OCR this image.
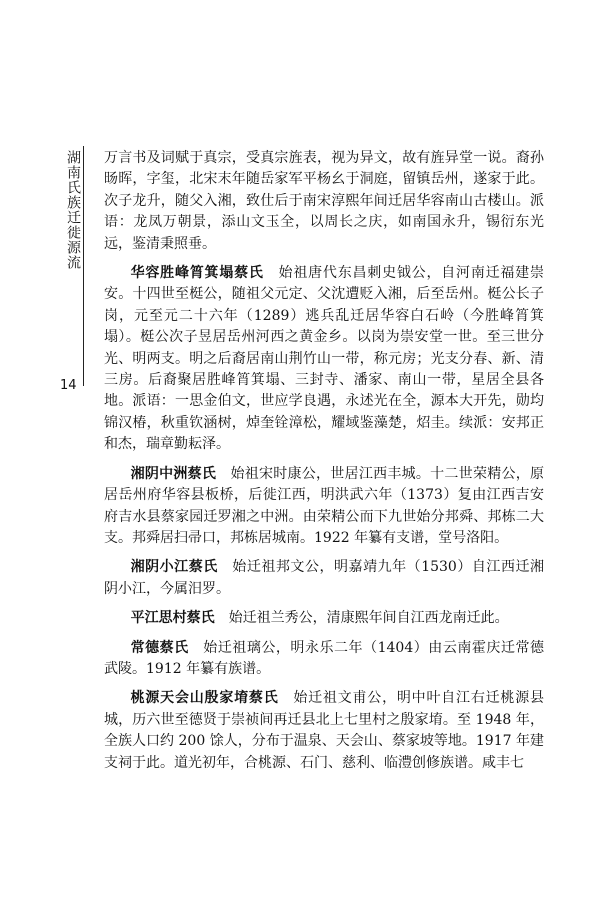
湖南氏族迁徙源流
14

万言书及词赋于真宗，受真宗旌表，视为异文，故有旌异堂一说。裔孙旸晖，字玺，北宋末年随岳家军平杨幺于洞庭，留镇岳州，遂家于此。次子龙升，随父入湘，致仕后于南宋淳熙年间迁居华容南山古楼山。派语：龙凤万朝景，添山文玉全，以周长之庆，如南国永升，锡衍东光远，鉴清秉照垂。

华容胜峰筲箕塌蔡氏  始祖唐代东昌刺史钺公，自河南迁福建崇安。十四世至梃公，随祖父元定、父沈遭贬入湘，后至岳州。梃公长子岗，元至元二十六年（1289）逃兵乱迁居华容白石岭（今胜峰筲箕塌）。梃公次子昱居岳州河西之黄金乡。以岗为崇安堂一世。至三世分光、明两支。明之后裔居南山荆竹山一带，称元房；光支分春、新、清三房。后裔聚居胜峰筲箕塌、三封寺、潘家、南山一带，星居全县各地。派语：一思金伯文，世应学良遇，永述光在全，源本大开先，勋均锦汉椿，秋重钦涵树，焯奎铨漳松，耀域鉴藻楚，炤圭。续派：安邦正和杰，瑞章勤耘泽。

湘阴中洲蔡氏  始祖宋时康公，世居江西丰城。十二世荣精公，原居岳州府华容县板桥，后徙江西，明洪武六年（1373）复由江西吉安府吉水县蔡家园迁罗湘之中洲。由荣精公而下九世始分邦舜、邦栋二大支。邦舜居扫帚口，邦栋居城南。1922 年纂有支谱，堂号洛阳。

湘阴小江蔡氏  始迁祖邦文公，明嘉靖九年（1530）自江西迁湘阴小江，今属汨罗。

平江思村蔡氏  始迁祖兰秀公，清康熙年间自江西龙南迁此。

常德蔡氏  始迁祖璃公，明永乐二年（1404）由云南霍庆迁常德武陵。1912 年纂有族谱。

桃源天会山殷家堉蔡氏  始迁祖文甫公，明中叶自江右迁桃源县城，历六世至德贤于崇祯间再迁县北上七里村之殷家堉。至 1948 年，全族人口约 200 馀人，分布于温泉、天会山、蔡家坡等地。1917 年建支祠于此。道光初年，合桃源、石门、慈利、临澧创修族谱。咸丰七
